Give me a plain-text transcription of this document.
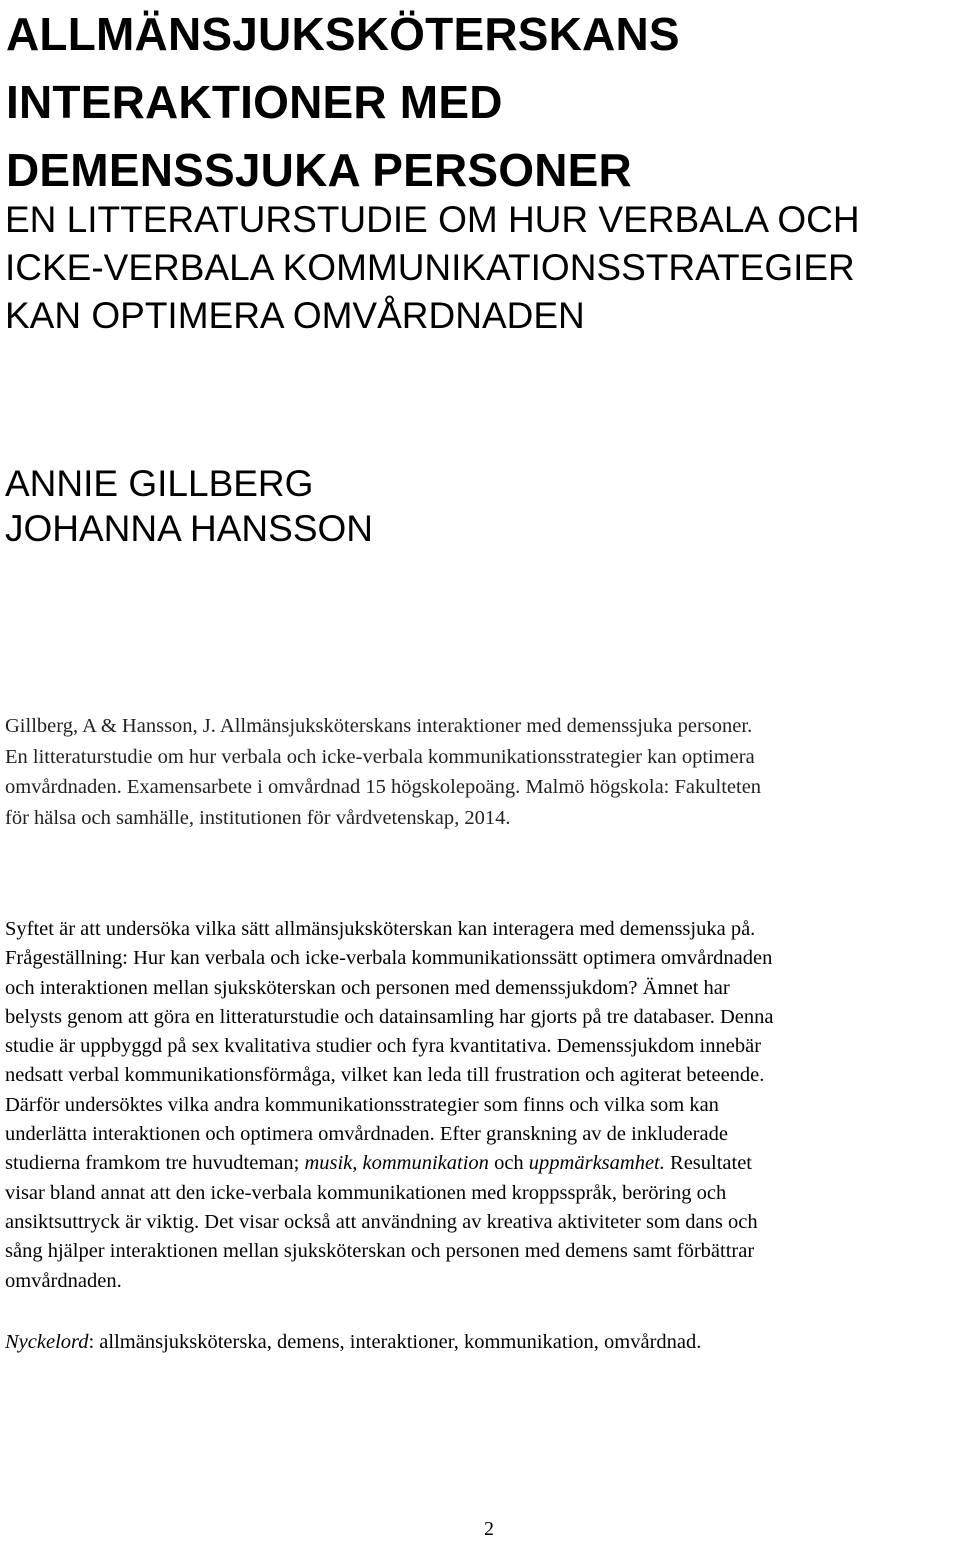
ALLMÄNSJUKSKÖTERSKANS
INTERAKTIONER MED
DEMENSSJUKA PERSONER
EN LITTERATURSTUDIE OM HUR VERBALA OCH
ICKE-VERBALA KOMMUNIKATIONSSTRATEGIER
KAN OPTIMERA OMVÅRDNADEN
ANNIE GILLBERG
JOHANNA HANSSON

Gillberg, A & Hansson, J. Allmänsjuksköterskans interaktioner med demenssjuka personer.
En litteraturstudie om hur verbala och icke-verbala kommunikationsstrategier kan optimera
omvårdnaden. Examensarbete i omvårdnad 15 högskolepoäng. Malmö högskola: Fakulteten
för hälsa och samhälle, institutionen för vårdvetenskap, 2014.

Syftet är att undersöka vilka sätt allmänsjuksköterskan kan interagera med demenssjuka på.
Frågeställning: Hur kan verbala och icke-verbala kommunikationssätt optimera omvårdnaden
och interaktionen mellan sjuksköterskan och personen med demenssjukdom? Ämnet har
belysts genom att göra en litteraturstudie och datainsamling har gjorts på tre databaser. Denna
studie är uppbyggd på sex kvalitativa studier och fyra kvantitativa. Demenssjukdom innebär
nedsatt verbal kommunikationsförmåga, vilket kan leda till frustration och agiterat beteende.
Därför undersöktes vilka andra kommunikationsstrategier som finns och vilka som kan
underlätta interaktionen och optimera omvårdnaden. Efter granskning av de inkluderade
studierna framkom tre huvudteman; musik, kommunikation och uppmärksamhet. Resultatet
visar bland annat att den icke-verbala kommunikationen med kroppsspråk, beröring och
ansiktsuttryck är viktig. Det visar också att användning av kreativa aktiviteter som dans och
sång hjälper interaktionen mellan sjuksköterskan och personen med demens samt förbättrar
omvårdnaden.

Nyckelord: allmänsjuksköterska, demens, interaktioner, kommunikation, omvårdnad.

2
